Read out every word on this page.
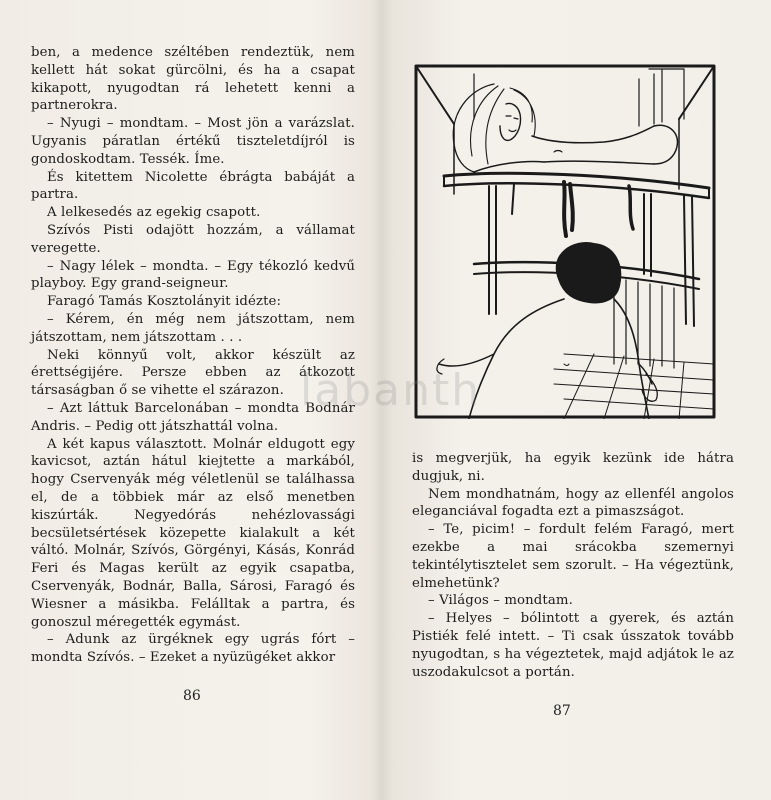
ben, a medence széltében rendeztük, nem kellett hát sokat gürcölni, és ha a csapat kikapott, nyugodtan rá lehetett kenni a partnerokra.

– Nyugi – mondtam. – Most jön a varázslat. Ugyanis páratlan értékű tiszteletdíjról is gondoskodtam. Tessék. Íme.

És kitettem Nicolette ébrágta babáját a partra.

A lelkesedés az egekig csapott.

Szívós Pisti odajött hozzám, a vállamat veregette.

– Nagy lélek – mondta. – Egy tékozló kedvű playboy. Egy grand-seigneur.

Faragó Tamás Kosztolányit idézte:

– Kérem, én még nem játszottam, nem játszottam, nem játszottam . . .

Neki könnyű volt, akkor készült az érettségijére. Persze ebben az átkozott társaságban ő se vihette el szárazon.

– Azt láttuk Barcelonában – mondta Bodnár Andris. – Pedig ott játszhattál volna.

A két kapus választott. Molnár eldugott egy kavicsot, aztán hátul kiejtette a markából, hogy Cservenyák még véletlenül se találhassa el, de a többiek már az első menetben kiszúrták. Negyedórás nehézlovassági becsületsértések közepette kialakult a két váltó. Molnár, Szívós, Görgényi, Kásás, Konrád Feri és Magas került az egyik csapatba, Cservenyák, Bodnár, Balla, Sárosi, Faragó és Wiesner a másikba. Felálltak a partra, és gonoszul méregették egymást.

– Adunk az ürgéknek egy ugrás fórt – mondta Szívós. – Ezeket a nyüzügéket akkor

86

is megverjük, ha egyik kezünk ide hátra dugjuk, ni.

Nem mondhatnám, hogy az ellenfél angolos eleganciával fogadta ezt a pimaszságot.

– Te, picim! – fordult felém Faragó, mert ezekbe a mai srácokba szemernyi tekintélytisztelet sem szorult. – Ha végeztünk, elmehetünk?

– Világos – mondtam.

– Helyes – bólintott a gyerek, és aztán Pistiék felé intett. – Ti csak ússzatok tovább nyugodtan, s ha végeztetek, majd adjátok le az uszodakulcsot a portán.

87
labanth
